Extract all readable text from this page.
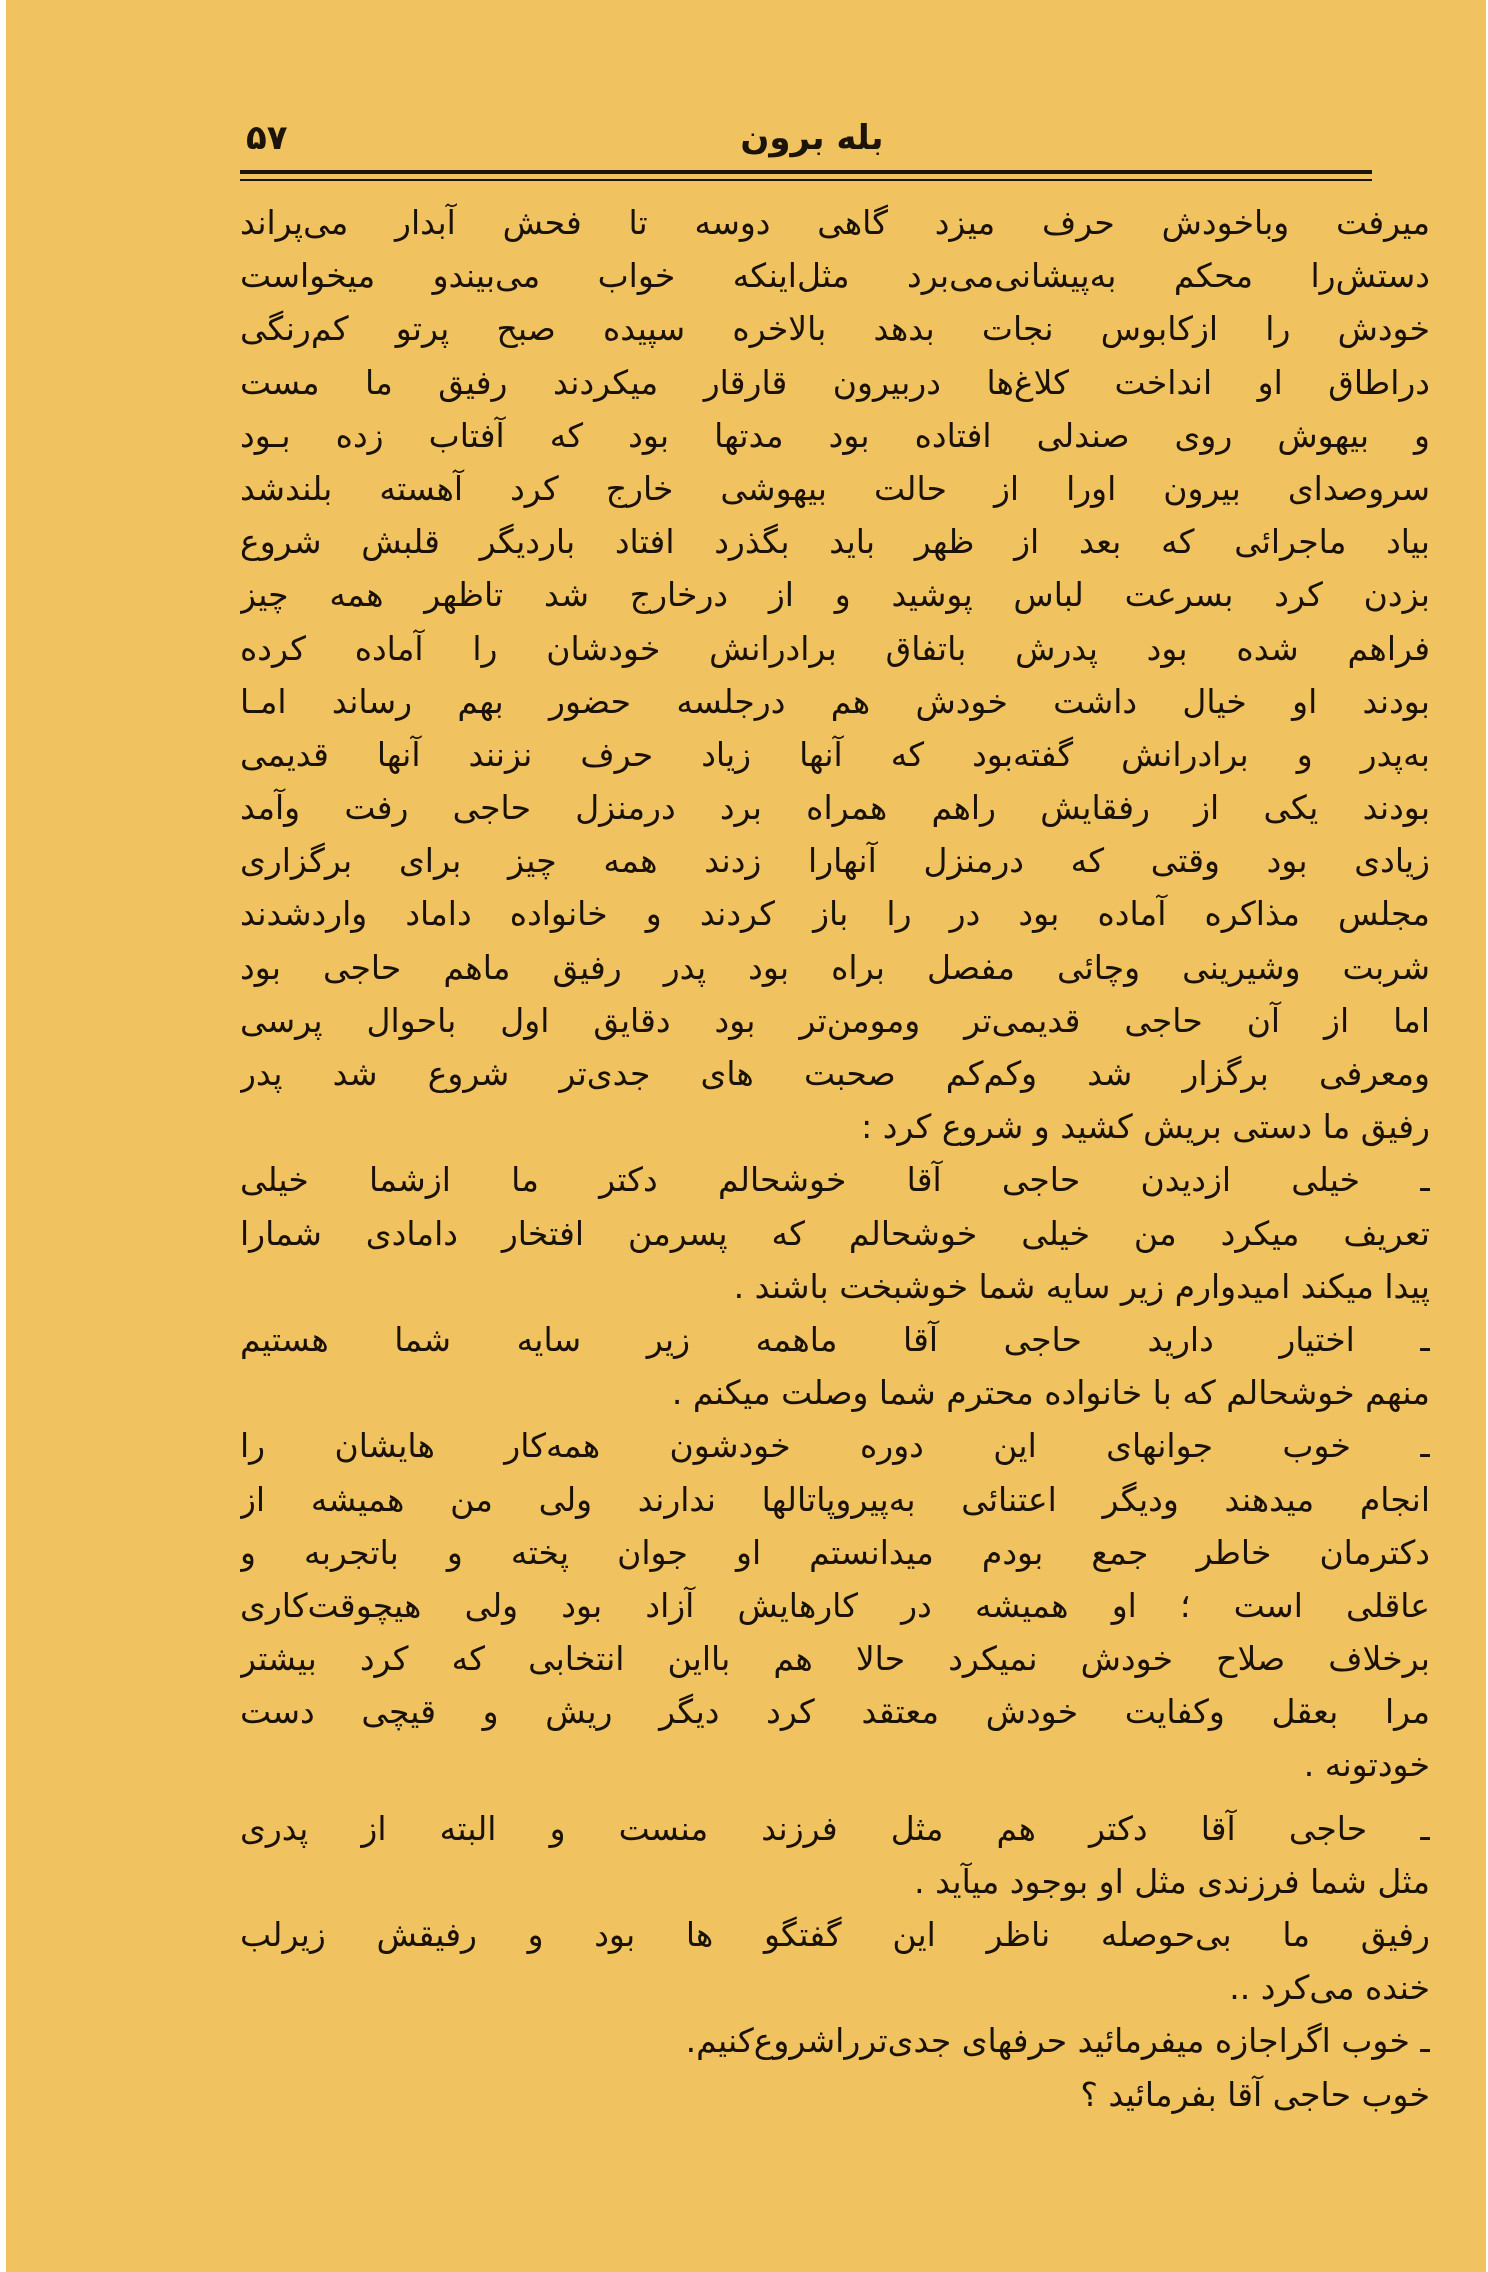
بله برون
۵۷
میرفت وباخودش حرف میزد گاهی دوسه تا فحش آبدار می‌پراند
دستش‌را محکم به‌پیشانی‌می‌برد مثل‌اینکه خواب می‌بیندو میخواست
خودش را ازکابوس نجات بدهد بالاخره سپیده صبح پرتو کم‌رنگی
دراطاق او انداخت کلاغ‌ها دربیرون قارقار میکردند رفیق ما مست
و بیهوش روی صندلی افتاده بود مدتها بود که آفتاب زده بـود
سروصدای بیرون اورا از حالت بیهوشی خارج کرد آهسته بلندشد
بیاد ماجرائی که بعد از ظهر باید بگذرد افتاد باردیگر قلبش شروع
بزدن کرد بسرعت لباس پوشید و از درخارج شد تاظهر همه چیز
فراهم شده بود پدرش باتفاق برادرانش خودشان را آماده کرده
بودند او خیال داشت خودش هم درجلسه حضور بهم رساند امـا
به‌پدر و برادرانش گفته‌بود که آنها زیاد حرف نزنند آنها قدیمی
بودند یکی از رفقایش راهم همراه برد درمنزل حاجی رفت وآمد
زیادی بود وقتی که درمنزل آنهارا زدند همه چیز برای برگزاری
مجلس مذاکره آماده بود در را باز کردند و خانواده داماد واردشدند
شربت وشیرینی وچائی مفصل براه بود پدر رفیق ماهم حاجی بود
اما از آن حاجی قدیمی‌تر ومومن‌تر بود دقایق اول باحوال پرسی
ومعرفی برگزار شد وکم‌کم صحبت های جدی‌تر شروع شد پدر
رفیق ما دستی بریش کشید و شروع کرد :
ـ خیلی ازدیدن حاجی آقا خوشحالم دکتر ما ازشما خیلی
تعریف میکرد من خیلی خوشحالم که پسرمن افتخار دامادی شمارا
پیدا میکند امیدوارم زیر سایه شما خوشبخت باشند .
ـ اختیار دارید حاجی آقا ماهمه زیر سایه شما هستیم
منهم خوشحالم که با خانواده محترم شما وصلت میکنم .
ـ خوب جوانهای این دوره خودشون همه‌کار هایشان را
انجام میدهند ودیگر اعتنائی به‌پیروپاتالها ندارند ولی من همیشه از
دکترمان خاطر جمع بودم میدانستم او جوان پخته و باتجربه و
عاقلی است ؛ او همیشه در کارهایش آزاد بود ولی هیچوقت‌کاری
برخلاف صلاح خودش نمیکرد حالا هم بااین انتخابی که کرد بیشتر
مرا بعقل وکفایت خودش معتقد کرد دیگر ریش و قیچی دست
خودتونه .
ـ حاجی آقا دکتر هم مثل فرزند منست و البته از پدری
مثل شما فرزندی مثل او بوجود میآید .
رفیق ما بی‌حوصله ناظر این گفتگو ها بود و رفیقش زیرلب
خنده می‌کرد ..
ـ خوب اگراجازه میفرمائید حرفهای جدی‌ترراشروع‌کنیم.
خوب حاجی آقا بفرمائید ؟
